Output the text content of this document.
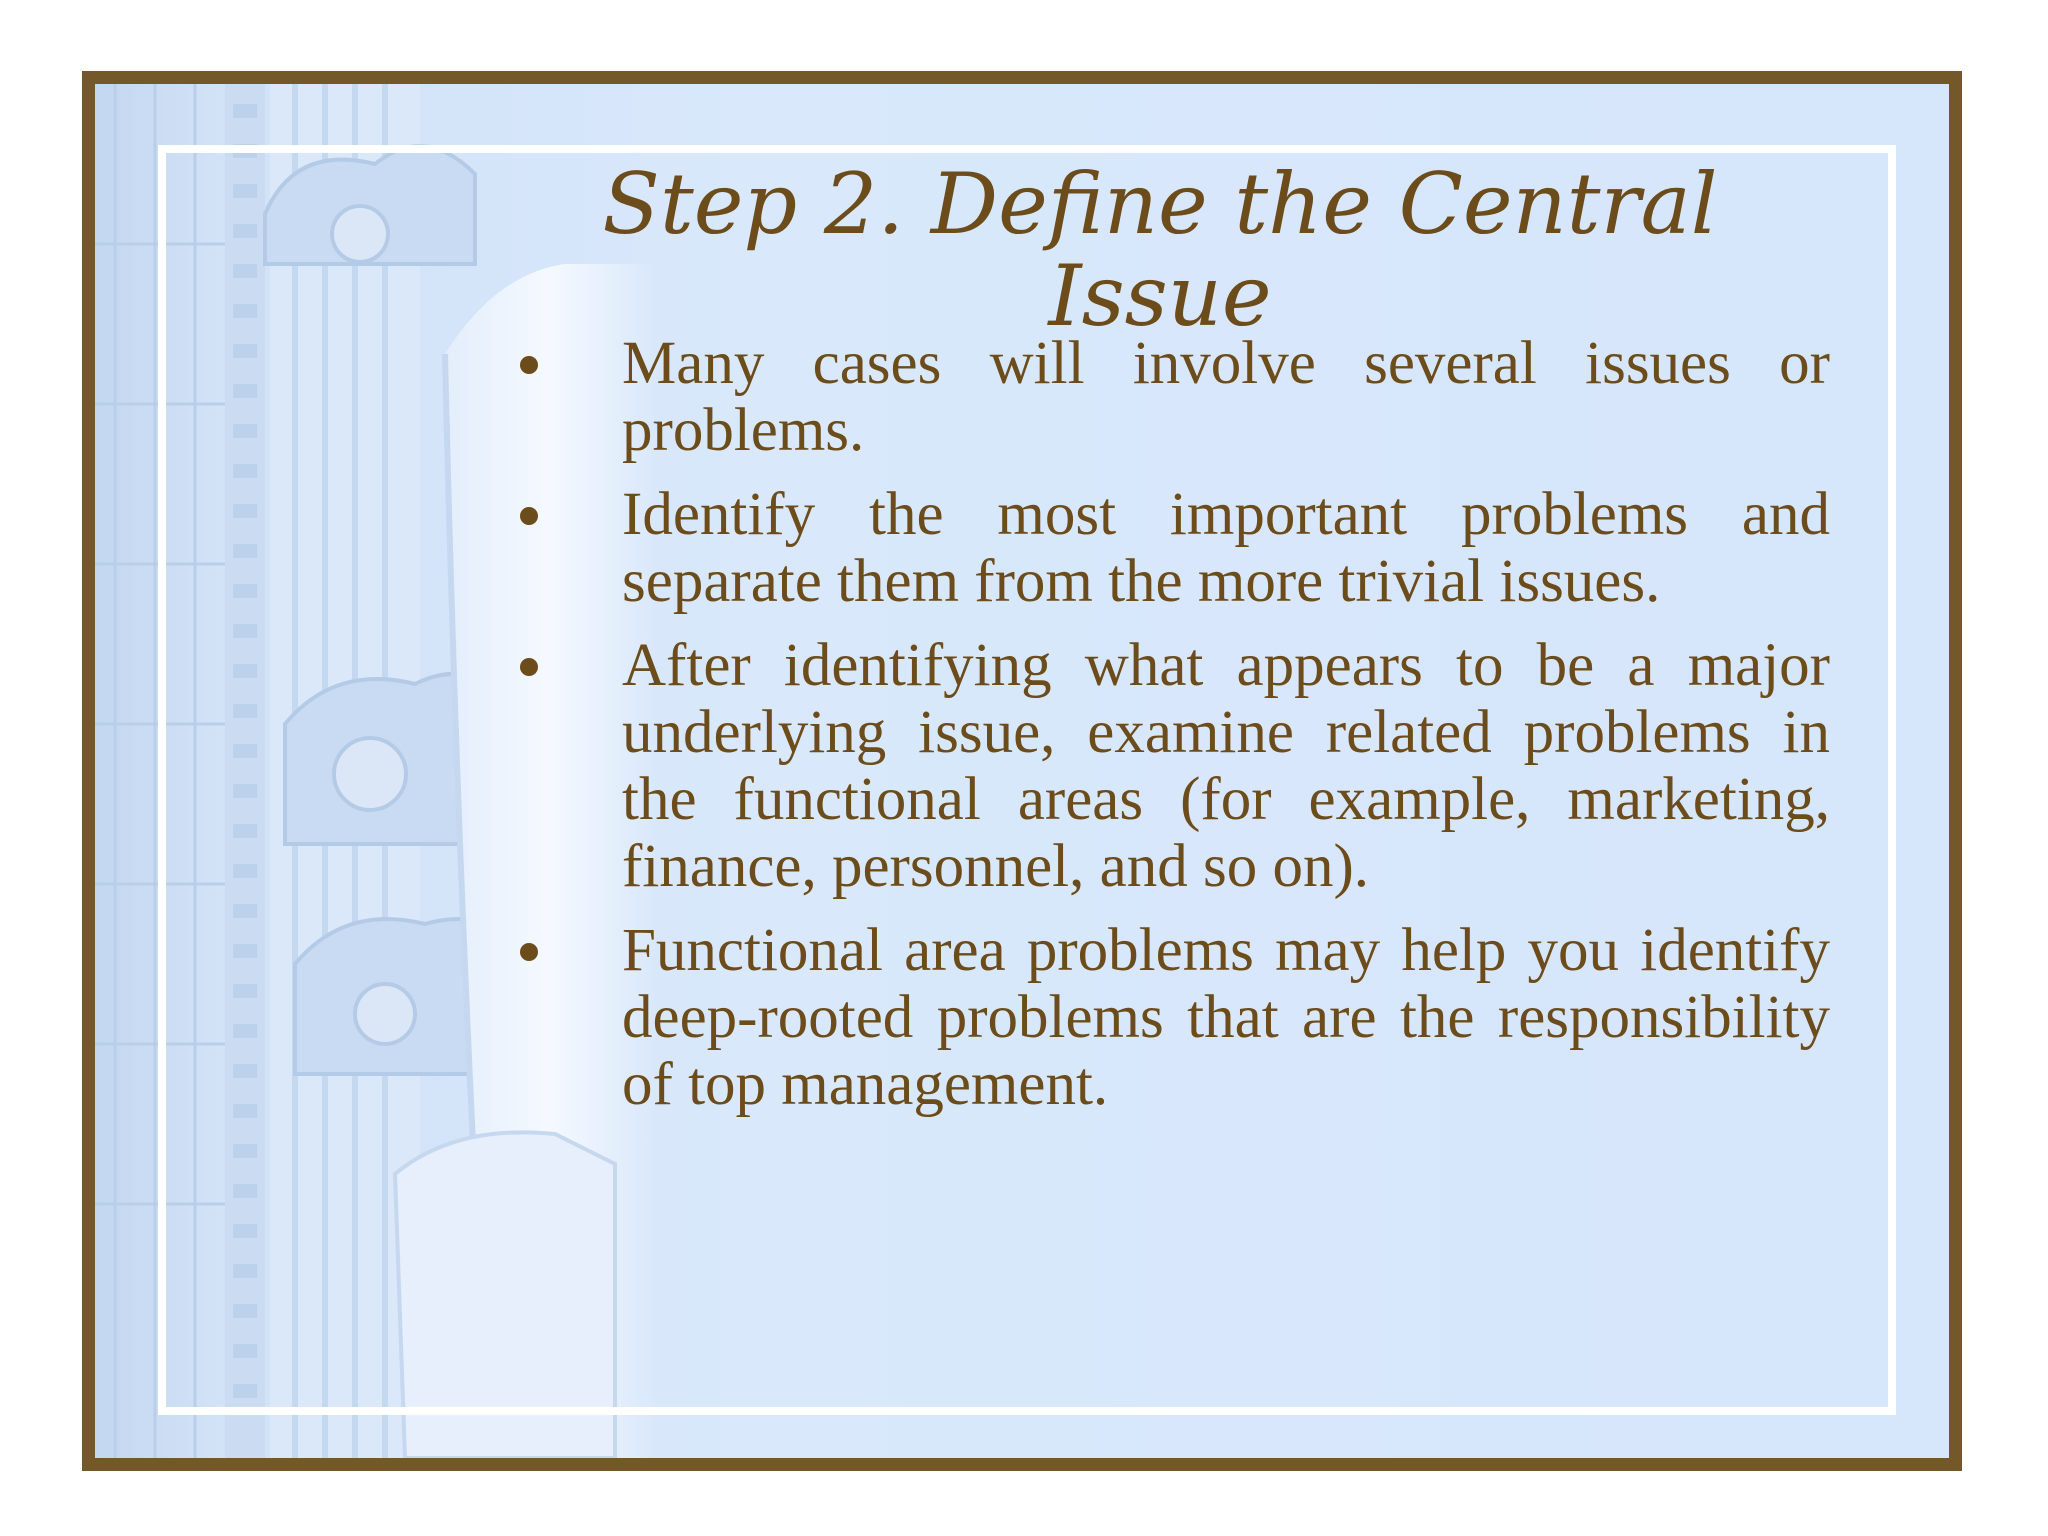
Step 2. Define the Central Issue
Many cases will involve several issues or problems.
Identify the most important problems and separate them from the more trivial issues.
After identifying what appears to be a major underlying issue, examine related problems in the functional areas (for example, marketing, finance, personnel, and so on).
Functional area problems may help you identify deep-rooted problems that are the responsibility of top management.
